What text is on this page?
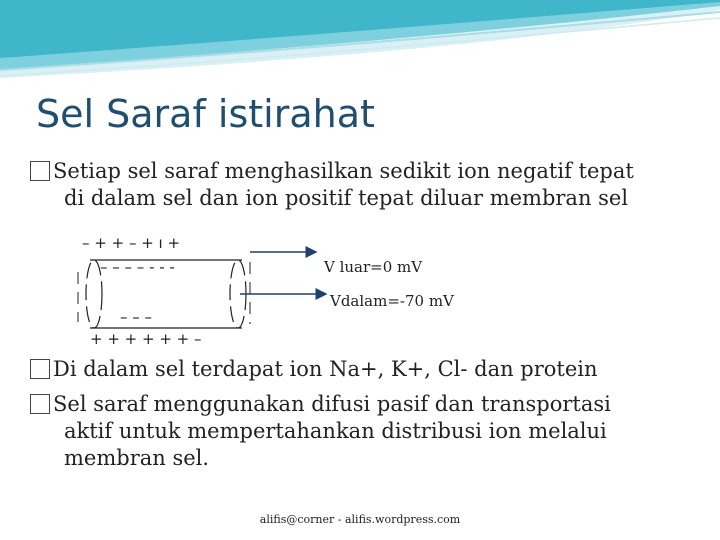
Sel Saraf istirahat
Setiap sel saraf menghasilkan sedikit ion negatif tepat
di dalam sel dan ion positif tepat diluar membran sel
– + + – + ı +
– – – – - - -
– – –
+ + + + + + –
V luar=0 mV
Vdalam=-70 mV
Di dalam sel terdapat ion Na+, K+, Cl- dan protein
Sel saraf menggunakan difusi pasif dan transportasi
aktif untuk mempertahankan distribusi ion melalui
membran sel.
alifis@corner - alifis.wordpress.com
